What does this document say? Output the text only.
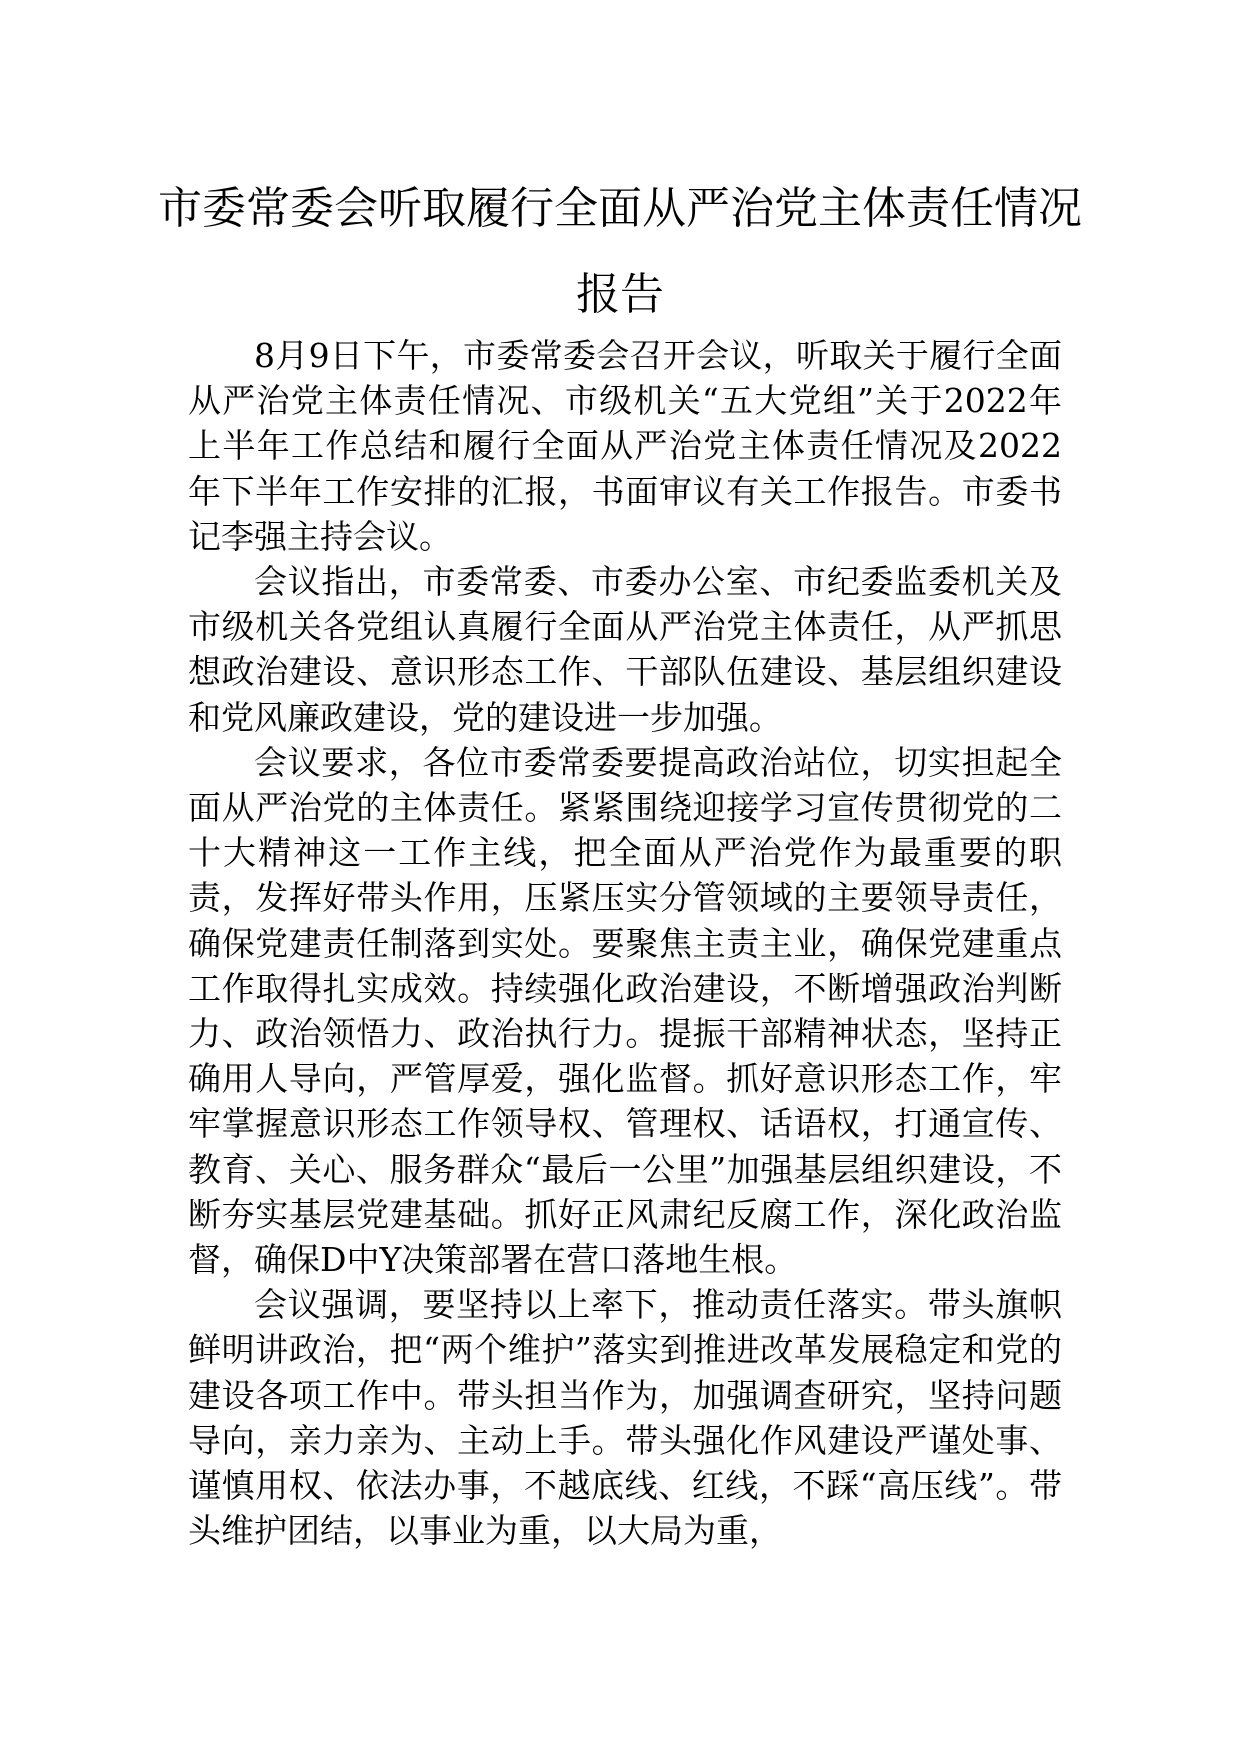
市委常委会听取履行全面从严治党主体责任情况报告

8月9日下午，市委常委会召开会议，听取关于履行全面从严治党主体责任情况、市级机关“五大党组”关于2022年上半年工作总结和履行全面从严治党主体责任情况及2022年下半年工作安排的汇报，书面审议有关工作报告。市委书记李强主持会议。

会议指出，市委常委、市委办公室、市纪委监委机关及市级机关各党组认真履行全面从严治党主体责任，从严抓思想政治建设、意识形态工作、干部队伍建设、基层组织建设和党风廉政建设，党的建设进一步加强。

会议要求，各位市委常委要提高政治站位，切实担起全面从严治党的主体责任。紧紧围绕迎接学习宣传贯彻党的二十大精神这一工作主线，把全面从严治党作为最重要的职责，发挥好带头作用，压紧压实分管领域的主要领导责任，确保党建责任制落到实处。要聚焦主责主业，确保党建重点工作取得扎实成效。持续强化政治建设，不断增强政治判断力、政治领悟力、政治执行力。提振干部精神状态，坚持正确用人导向，严管厚爱，强化监督。抓好意识形态工作，牢牢掌握意识形态工作领导权、管理权、话语权，打通宣传、教育、关心、服务群众“最后一公里”加强基层组织建设，不断夯实基层党建基础。抓好正风肃纪反腐工作，深化政治监督，确保D中Y决策部署在营口落地生根。

会议强调，要坚持以上率下，推动责任落实。带头旗帜鲜明讲政治，把“两个维护”落实到推进改革发展稳定和党的建设各项工作中。带头担当作为，加强调查研究，坚持问题导向，亲力亲为、主动上手。带头强化作风建设严谨处事、谨慎用权、依法办事，不越底线、红线，不踩“高压线”。带头维护团结，以事业为重，以大局为重，
